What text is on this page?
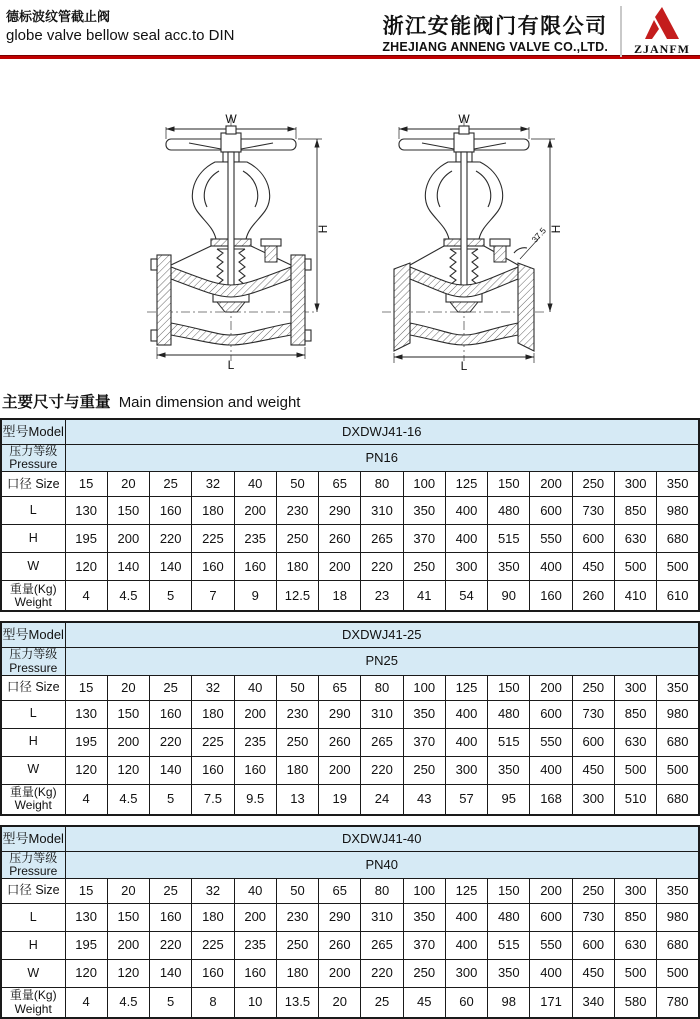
德标波纹管截止阀
globe valve bellow seal acc.to DIN	浙江安能阀门有限公司
ZHEJIANG ANNENG VALVE CO.,LTD. ZJANFM
W
H
L
W
37.5 H
L
主要尺寸与重量 Main dimension and weight
型号Model	DXDWJ41-16														
压力等级
Pressure	PN16														
口径 Size	15	20	25	32	40	50	65	80	100	125	150	200	250	300	350
L	130	150	160	180	200	230	290	310	350	400	480	600	730	850	980
H	195	200	220	225	235	250	260	265	370	400	515	550	600	630	680
W	120	140	140	160	160	180	200	220	250	300	350	400	450	500	500
重量(Kg)
Weight	4	4.5	5	7	9	12.5	18	23	41	54	90	160	260	410	610
型号Model	DXDWJ41-25														
压力等级
Pressure	PN25														
口径 Size	15	20	25	32	40	50	65	80	100	125	150	200	250	300	350
L	130	150	160	180	200	230	290	310	350	400	480	600	730	850	980
H	195	200	220	225	235	250	260	265	370	400	515	550	600	630	680
W	120	120	140	160	160	180	200	220	250	300	350	400	450	500	500
重量(Kg)
Weight	4	4.5	5	7.5	9.5	13	19	24	43	57	95	168	300	510	680
型号Model	DXDWJ41-40														
压力等级
Pressure	PN40														
口径 Size	15	20	25	32	40	50	65	80	100	125	150	200	250	300	350
L	130	150	160	180	200	230	290	310	350	400	480	600	730	850	980
H	195	200	220	225	235	250	260	265	370	400	515	550	600	630	680
W	120	120	140	160	160	180	200	220	250	300	350	400	450	500	500
重量(Kg)
Weight	4	4.5	5	8	10	13.5	20	25	45	60	98	171	340	580	780
